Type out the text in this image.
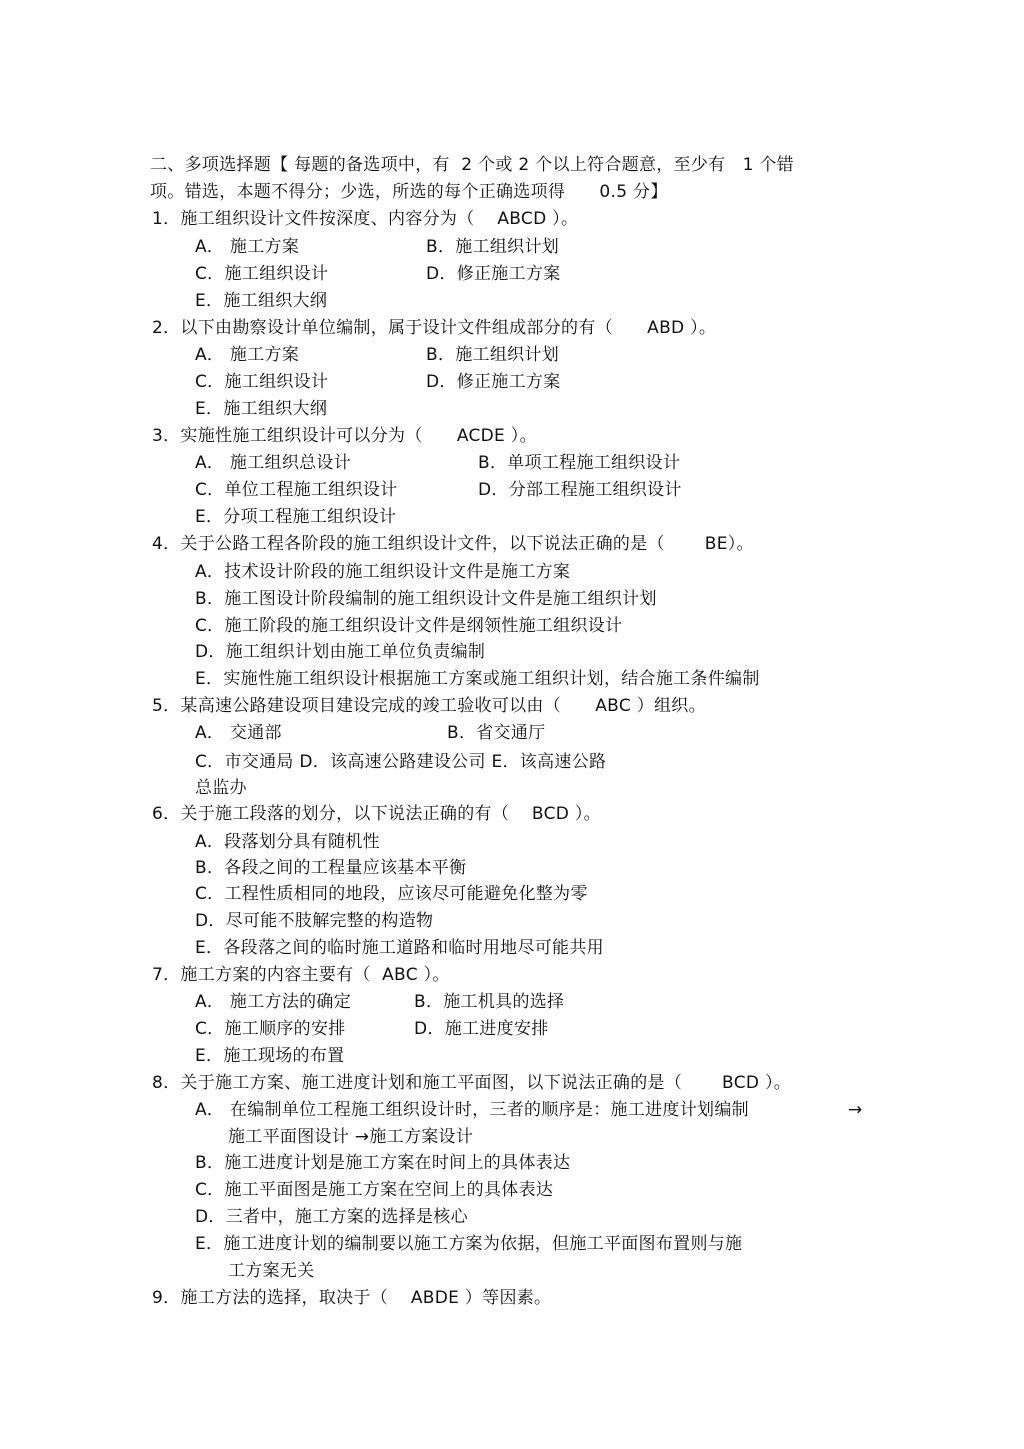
二、多项选择题【 每题的备选项中，有  2 个或 2 个以上符合题意，至少有   1 个错
项。错选，本题不得分；少选，所选的每个正确选项得      0.5 分】
1．施工组织设计文件按深度、内容分为（    ABCD ）。
A． 施工方案	B．施工组织计划
C．施工组织设计	D．修正施工方案
E．施工组织大纲
2．以下由勘察设计单位编制，属于设计文件组成部分的有（      ABD ）。
A． 施工方案	B．施工组织计划
C．施工组织设计	D．修正施工方案
E．施工组织大纲
3．实施性施工组织设计可以分为（      ACDE ）。
A． 施工组织总设计	B．单项工程施工组织设计
C．单位工程施工组织设计	D．分部工程施工组织设计
E．分项工程施工组织设计
4．关于公路工程各阶段的施工组织设计文件，以下说法正确的是（       BE）。
A．技术设计阶段的施工组织设计文件是施工方案
B．施工图设计阶段编制的施工组织设计文件是施工组织计划
C．施工阶段的施工组织设计文件是纲领性施工组织设计
D．施工组织计划由施工单位负责编制
E．实施性施工组织设计根据施工方案或施工组织计划，结合施工条件编制
5．某高速公路建设项目建设完成的竣工验收可以由（      ABC ）组织。
A． 交通部	B．省交通厅
C．市交通局 D．该高速公路建设公司 E．该高速公路
总监办
6．关于施工段落的划分，以下说法正确的有（    BCD ）。
A．段落划分具有随机性
B．各段之间的工程量应该基本平衡
C．工程性质相同的地段，应该尽可能避免化整为零
D．尽可能不肢解完整的构造物
E．各段落之间的临时施工道路和临时用地尽可能共用
7．施工方案的内容主要有（  ABC ）。
A． 施工方法的确定	B．施工机具的选择
C．施工顺序的安排	D．施工进度安排
E．施工现场的布置
8．关于施工方案、施工进度计划和施工平面图，以下说法正确的是（       BCD ）。
A． 在编制单位工程施工组织设计时，三者的顺序是：施工进度计划编制	→
施工平面图设计 →施工方案设计
B．施工进度计划是施工方案在时间上的具体表达
C．施工平面图是施工方案在空间上的具体表达
D．三者中，施工方案的选择是核心
E．施工进度计划的编制要以施工方案为依据，但施工平面图布置则与施
工方案无关
9．施工方法的选择，取决于（    ABDE ）等因素。
